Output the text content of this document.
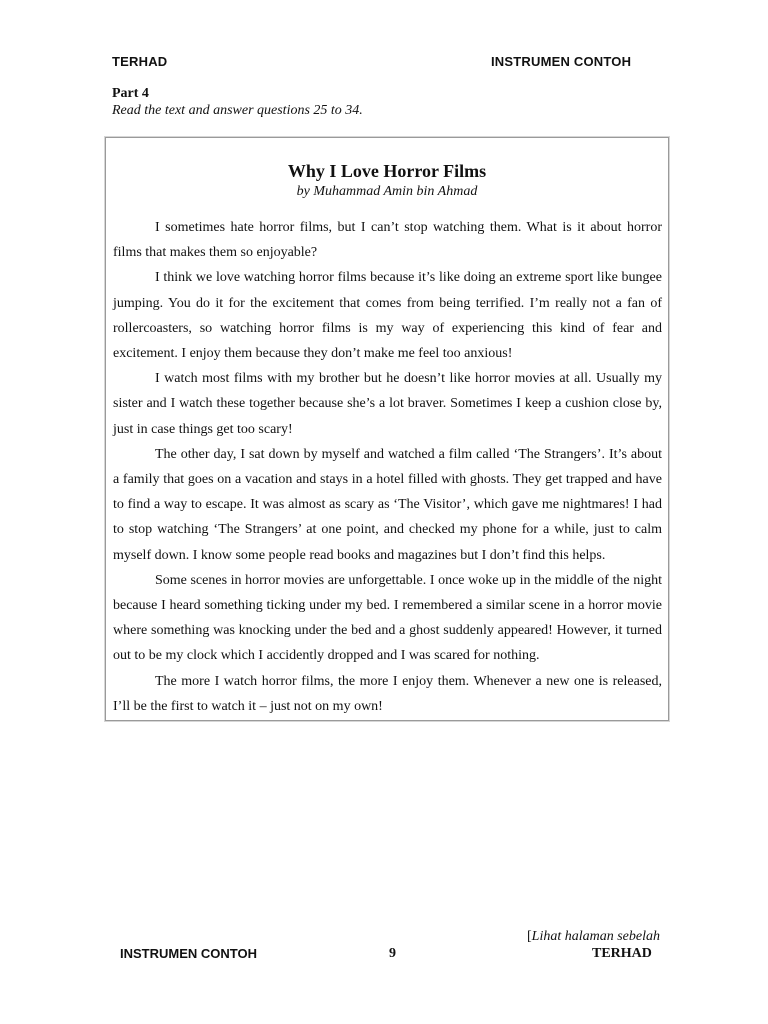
TERHAD	INSTRUMEN CONTOH
Part 4
Read the text and answer questions 25 to 34.
Why I Love Horror Films
by Muhammad Amin bin Ahmad

I sometimes hate horror films, but I can’t stop watching them. What is it about horror films that makes them so enjoyable?

I think we love watching horror films because it’s like doing an extreme sport like bungee jumping. You do it for the excitement that comes from being terrified. I’m really not a fan of rollercoasters, so watching horror films is my way of experiencing this kind of fear and excitement. I enjoy them because they don’t make me feel too anxious!

I watch most films with my brother but he doesn’t like horror movies at all. Usually my sister and I watch these together because she’s a lot braver. Sometimes I keep a cushion close by, just in case things get too scary!

The other day, I sat down by myself and watched a film called ‘The Strangers’. It’s about a family that goes on a vacation and stays in a hotel filled with ghosts. They get trapped and have to find a way to escape. It was almost as scary as ‘The Visitor’, which gave me nightmares! I had to stop watching ‘The Strangers’ at one point, and checked my phone for a while, just to calm myself down. I know some people read books and magazines but I don’t find this helps.

Some scenes in horror movies are unforgettable. I once woke up in the middle of the night because I heard something ticking under my bed. I remembered a similar scene in a horror movie where something was knocking under the bed and a ghost suddenly appeared! However, it turned out to be my clock which I accidently dropped and I was scared for nothing.

The more I watch horror films, the more I enjoy them. Whenever a new one is released, I’ll be the first to watch it – just not on my own!

[Lihat halaman sebelah
INSTRUMEN CONTOH	9	TERHAD
